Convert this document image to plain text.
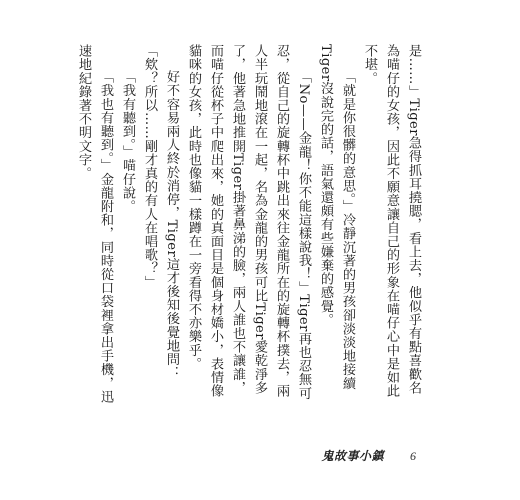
是……」Tiger急得抓耳撓腮，看上去，他似乎有點喜歡名為喵仔的女孩，因此不願意讓自己的形象在喵仔心中是如此不堪。

「就是你很髒的意思。」冷靜沉著的男孩卻淡淡地接續Tiger沒說完的話，語氣還頗有些嫌棄的感覺。

「No——金龍！你不能這樣說我！」Tiger再也忍無可忍，從自己的旋轉杯中跳出來往金龍所在的旋轉杯撲去，兩人半玩鬧地滾在一起，名為金龍的男孩可比Tiger愛乾淨多了，他著急地推開Tiger掛著鼻涕的臉，兩人誰也不讓誰，而喵仔從杯子中爬出來，她的真面目是個身材嬌小，表情像貓咪的女孩，此時也像貓一樣蹲在一旁看得不亦樂乎。

好不容易兩人終於消停，Tiger這才後知後覺地問：「欸？所以……剛才真的有人在唱歌？」

「我有聽到。」喵仔說。

「我也有聽到。」金龍附和，同時從口袋裡拿出手機，迅速地紀錄著不明文字。

鬼故事小鎮 6
